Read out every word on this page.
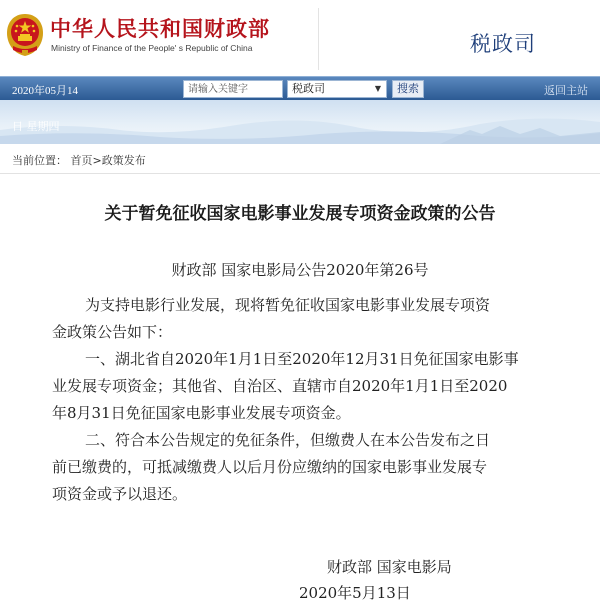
中华人民共和国财政部
Ministry of Finance of the People' s Republic of China	税政司
2020年05月14
请输入关键字	税政司	▼	搜索	返回主站
日 星期四
当前位置： 首页>政策发布
关于暂免征收国家电影事业发展专项资金政策的公告
财政部 国家电影局公告2020年第26号
为支持电影行业发展，现将暂免征收国家电影事业发展专项资
金政策公告如下：
一、湖北省自2020年1月1日至2020年12月31日免征国家电影事
业发展专项资金；其他省、自治区、直辖市自2020年1月1日至2020
年8月31日免征国家电影事业发展专项资金。
二、符合本公告规定的免征条件，但缴费人在本公告发布之日
前已缴费的，可抵减缴费人以后月份应缴纳的国家电影事业发展专
项资金或予以退还。
财政部 国家电影局
2020年5月13日
